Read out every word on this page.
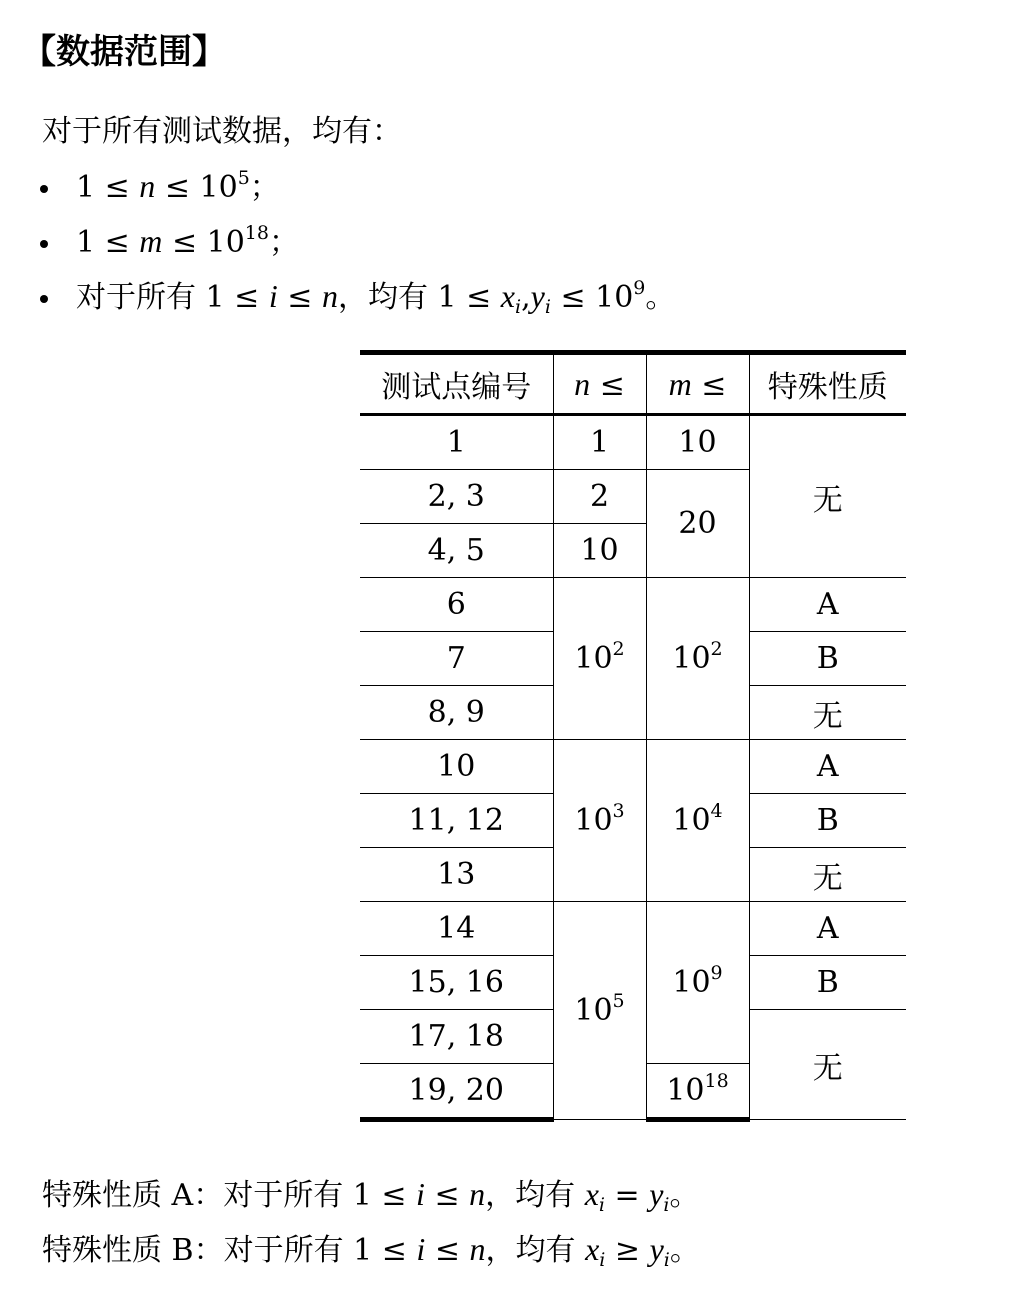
【数据范围】
对于所有测试数据，均有：
$1 \le n \le 10^5$；
$1 \le m \le 10^{18}$；
对于所有 1 ≤ i ≤ n，均有 $1 \le x_i,y_i \le 10^9$。
测试点编号	n ≤	m ≤	特殊性质
1	1	10	无
2, 3	2	20	
4, 5	10		
6	$10^2$	$10^2$	A
7			B
8, 9			无
10	$10^3$	$10^4$	A
11, 12			B
13			无
14	$10^5$	$10^9$	A
15, 16			B
17, 18			无
19, 20		$10^{18}$
特殊性质 A：对于所有 1 ≤ i ≤ n，均有 $x_i = y_i$。
特殊性质 B：对于所有 1 ≤ i ≤ n，均有 $x_i \ge y_i$。
